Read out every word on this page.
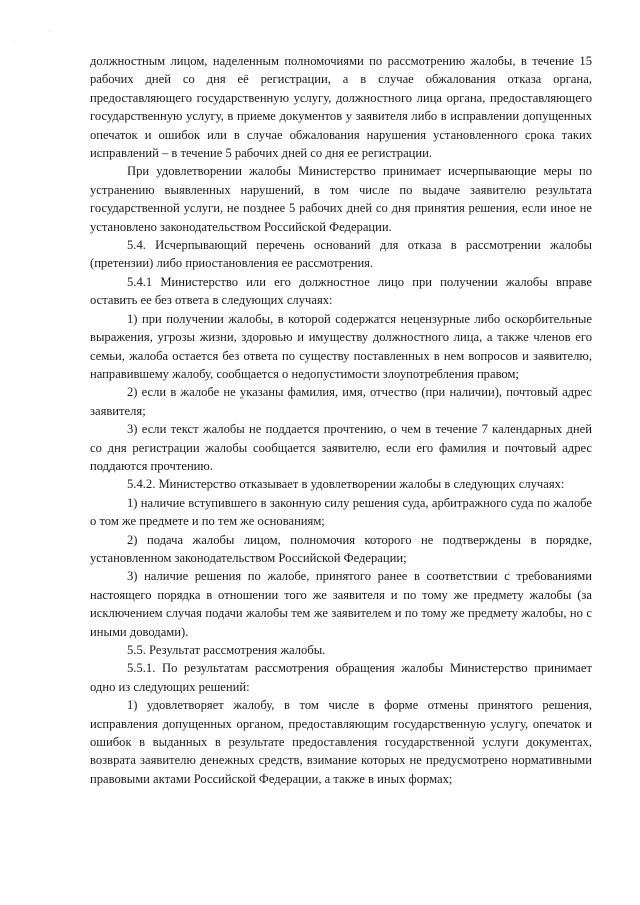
.
·

должностным лицом, наделенным полномочиями по рассмотрению жалобы, в течение 15 рабочих дней со дня её регистрации, а в случае обжалования отказа органа, предоставляющего государственную услугу, должностного лица органа, предоставляющего государственную услугу, в приеме документов у заявителя либо в исправлении допущенных опечаток и ошибок или в случае обжалования нарушения установленного срока таких исправлений – в течение 5 рабочих дней со дня ее регистрации.

При удовлетворении жалобы Министерство принимает исчерпывающие меры по устранению выявленных нарушений, в том числе по выдаче заявителю результата государственной услуги, не позднее 5 рабочих дней со дня принятия решения, если иное не установлено законодательством Российской Федерации.

5.4. Исчерпывающий перечень оснований для отказа в рассмотрении жалобы (претензии) либо приостановления ее рассмотрения.

5.4.1 Министерство или его должностное лицо при получении жалобы вправе оставить ее без ответа в следующих случаях:

1) при получении жалобы, в которой содержатся нецензурные либо оскорбительные выражения, угрозы жизни, здоровью и имуществу должностного лица, а также членов его семьи, жалоба остается без ответа по существу поставленных в нем вопросов и заявителю, направившему жалобу, сообщается о недопустимости злоупотребления правом;

2) если в жалобе не указаны фамилия, имя, отчество (при наличии), почтовый адрес заявителя;

3) если текст жалобы не поддается прочтению, о чем в течение 7 календарных дней со дня регистрации жалобы сообщается заявителю, если его фамилия и почтовый адрес поддаются прочтению.

5.4.2. Министерство отказывает в удовлетворении жалобы в следующих случаях:

1) наличие вступившего в законную силу решения суда, арбитражного суда по жалобе о том же предмете и по тем же основаниям;

2) подача жалобы лицом, полномочия которого не подтверждены в порядке, установленном законодательством Российской Федерации;

3) наличие решения по жалобе, принятого ранее в соответствии с требованиями настоящего порядка в отношении того же заявителя и по тому же предмету жалобы (за исключением случая подачи жалобы тем же заявителем и по тому же предмету жалобы, но с иными доводами).

5.5. Результат рассмотрения жалобы.

5.5.1. По результатам рассмотрения обращения жалобы Министерство принимает одно из следующих решений:

1) удовлетворяет жалобу, в том числе в форме отмены принятого решения, исправления допущенных органом, предоставляющим государственную услугу, опечаток и ошибок в выданных в результате предоставления государственной услуги документах, возврата заявителю денежных средств, взимание которых не предусмотрено нормативными правовыми актами Российской Федерации, а также в иных формах;
